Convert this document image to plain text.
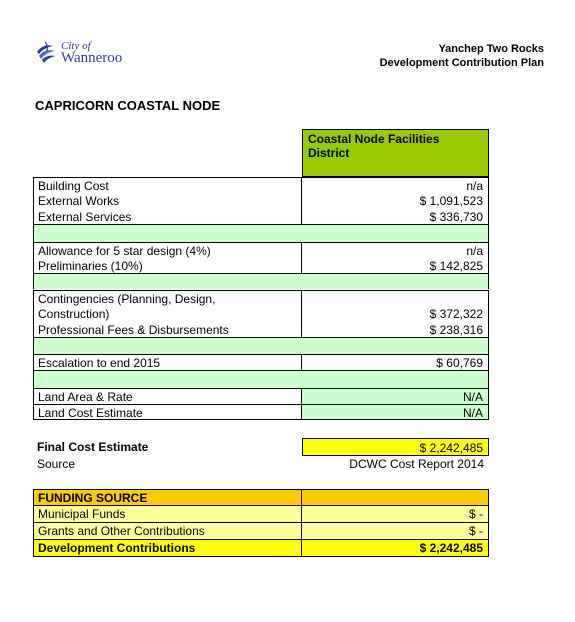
City of
Wanneroo
Yanchep Two Rocks
Development Contribution Plan
CAPRICORN COASTAL NODE
Coastal Node Facilities District
Building Cost	n/a
External Works	$ 1,091,523
External Services	$ 336,730
Allowance for 5 star design (4%)	n/a
Preliminaries (10%)	$ 142,825
Contingencies (Planning, Design,
Construction)	$ 372,322
Professional Fees & Disbursements	$ 238,316
Escalation to end 2015	$ 60,769
Land Area & Rate	N/A
Land Cost Estimate	N/A
Final Cost Estimate	$ 2,242,485
Source	DCWC Cost Report 2014
FUNDING SOURCE
Municipal Funds	$ -
Grants and Other Contributions	$ -
Development Contributions	$ 2,242,485
